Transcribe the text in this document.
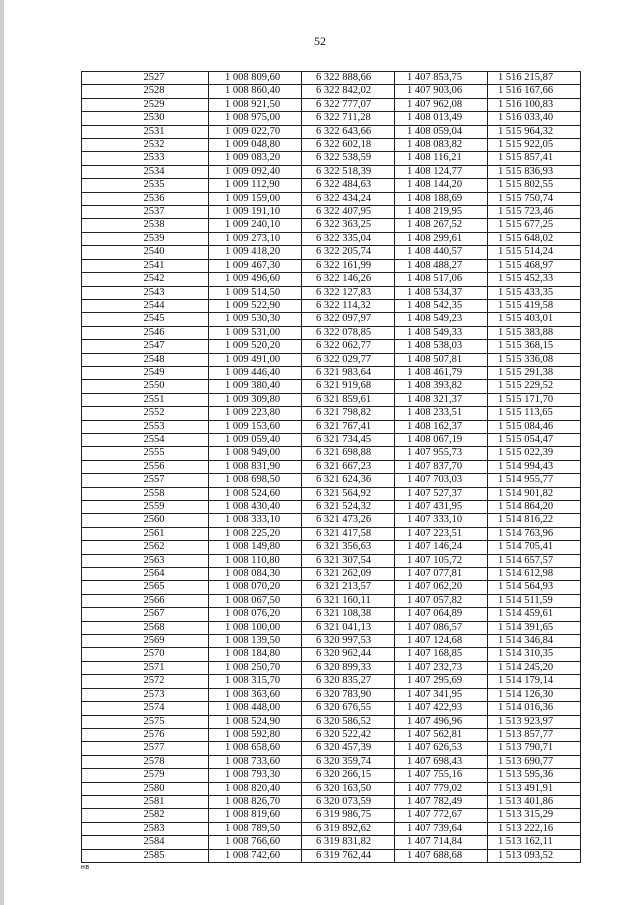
52
2527	1 008 809,60	6 322 888,66	1 407 853,75	1 516 215,87
2528	1 008 860,40	6 322 842,02	1 407 903,06	1 516 167,66
2529	1 008 921,50	6 322 777,07	1 407 962,08	1 516 100,83
2530	1 008 975,00	6 322 711,28	1 408 013,49	1 516 033,40
2531	1 009 022,70	6 322 643,66	1 408 059,04	1 515 964,32
2532	1 009 048,80	6 322 602,18	1 408 083,82	1 515 922,05
2533	1 009 083,20	6 322 538,59	1 408 116,21	1 515 857,41
2534	1 009 092,40	6 322 518,39	1 408 124,77	1 515 836,93
2535	1 009 112,90	6 322 484,63	1 408 144,20	1 515 802,55
2536	1 009 159,00	6 322 434,24	1 408 188,69	1 515 750,74
2537	1 009 191,10	6 322 407,95	1 408 219,95	1 515 723,46
2538	1 009 240,10	6 322 363,25	1 408 267,52	1 515 677,25
2539	1 009 273,10	6 322 335,04	1 408 299,61	1 515 648,02
2540	1 009 418,20	6 322 205,74	1 408 440,57	1 515 514,24
2541	1 009 467,30	6 322 161,99	1 408 488,27	1 515 468,97
2542	1 009 496,60	6 322 146,26	1 408 517,06	1 515 452,33
2543	1 009 514,50	6 322 127,83	1 408 534,37	1 515 433,35
2544	1 009 522,90	6 322 114,32	1 408 542,35	1 515 419,58
2545	1 009 530,30	6 322 097,97	1 408 549,23	1 515 403,01
2546	1 009 531,00	6 322 078,85	1 408 549,33	1 515 383,88
2547	1 009 520,20	6 322 062,77	1 408 538,03	1 515 368,15
2548	1 009 491,00	6 322 029,77	1 408 507,81	1 515 336,08
2549	1 009 446,40	6 321 983,64	1 408 461,79	1 515 291,38
2550	1 009 380,40	6 321 919,68	1 408 393,82	1 515 229,52
2551	1 009 309,80	6 321 859,61	1 408 321,37	1 515 171,70
2552	1 009 223,80	6 321 798,82	1 408 233,51	1 515 113,65
2553	1 009 153,60	6 321 767,41	1 408 162,37	1 515 084,46
2554	1 009 059,40	6 321 734,45	1 408 067,19	1 515 054,47
2555	1 008 949,00	6 321 698,88	1 407 955,73	1 515 022,39
2556	1 008 831,90	6 321 667,23	1 407 837,70	1 514 994,43
2557	1 008 698,50	6 321 624,36	1 407 703,03	1 514 955,77
2558	1 008 524,60	6 321 564,92	1 407 527,37	1 514 901,82
2559	1 008 430,40	6 321 524,32	1 407 431,95	1 514 864,20
2560	1 008 333,10	6 321 473,26	1 407 333,10	1 514 816,22
2561	1 008 225,20	6 321 417,58	1 407 223,51	1 514 763,96
2562	1 008 149,80	6 321 356,63	1 407 146,24	1 514 705,41
2563	1 008 110,80	6 321 307,54	1 407 105,72	1 514 657,57
2564	1 008 084,30	6 321 262,09	1 407 077,81	1 514 612,98
2565	1 008 070,20	6 321 213,57	1 407 062,20	1 514 564,93
2566	1 008 067,50	6 321 160,11	1 407 057,82	1 514 511,59
2567	1 008 076,20	6 321 108,38	1 407 064,89	1 514 459,61
2568	1 008 100,00	6 321 041,13	1 407 086,57	1 514 391,65
2569	1 008 139,50	6 320 997,53	1 407 124,68	1 514 346,84
2570	1 008 184,80	6 320 962,44	1 407 168,85	1 514 310,35
2571	1 008 250,70	6 320 899,33	1 407 232,73	1 514 245,20
2572	1 008 315,70	6 320 835,27	1 407 295,69	1 514 179,14
2573	1 008 363,60	6 320 783,90	1 407 341,95	1 514 126,30
2574	1 008 448,00	6 320 676,55	1 407 422,93	1 514 016,36
2575	1 008 524,90	6 320 586,52	1 407 496,96	1 513 923,97
2576	1 008 592,80	6 320 522,42	1 407 562,81	1 513 857,77
2577	1 008 658,60	6 320 457,39	1 407 626,53	1 513 790,71
2578	1 008 733,60	6 320 359,74	1 407 698,43	1 513 690,77
2579	1 008 793,30	6 320 266,15	1 407 755,16	1 513 595,36
2580	1 008 820,40	6 320 163,50	1 407 779,02	1 513 491,91
2581	1 008 826,70	6 320 073,59	1 407 782,49	1 513 401,86
2582	1 008 819,60	6 319 986,75	1 407 772,67	1 513 315,29
2583	1 008 789,50	6 319 892,62	1 407 739,64	1 513 222,16
2584	1 008 766,60	6 319 831,82	1 407 714,84	1 513 162,11
2585	1 008 742,60	6 319 762,44	1 407 688,68	1 513 093,52
нв
